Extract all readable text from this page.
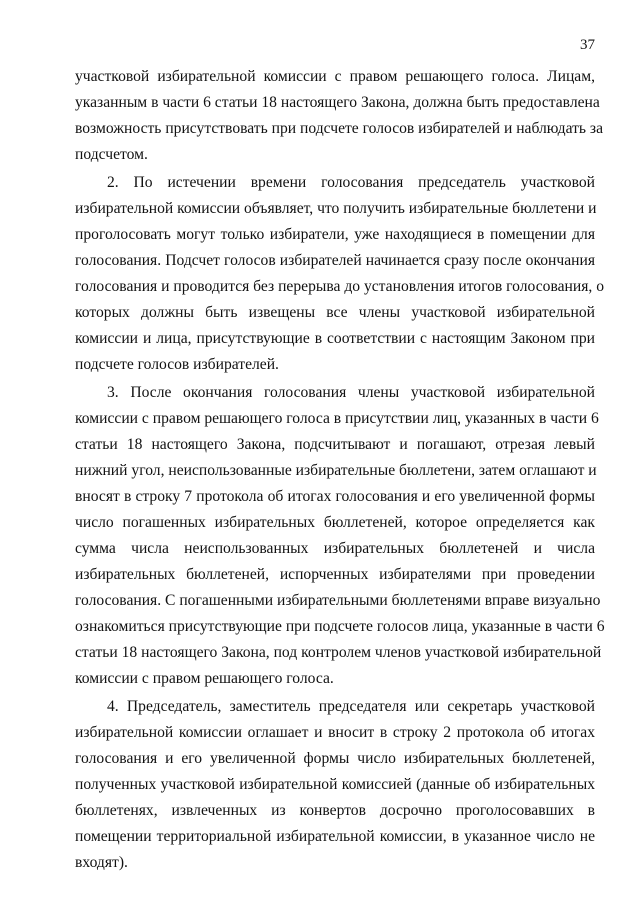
37
участковой избирательной комиссии с правом решающего голоса. Лицам,
указанным в части 6 статьи 18 настоящего Закона, должна быть предоставлена
возможность присутствовать при подсчете голосов избирателей и наблюдать за
подсчетом.
2. По истечении времени голосования председатель участковой
избирательной комиссии объявляет, что получить избирательные бюллетени и
проголосовать могут только избиратели, уже находящиеся в помещении для
голосования. Подсчет голосов избирателей начинается сразу после окончания
голосования и проводится без перерыва до установления итогов голосования, о
которых должны быть извещены все члены участковой избирательной
комиссии и лица, присутствующие в соответствии с настоящим Законом при
подсчете голосов избирателей.
3. После окончания голосования члены участковой избирательной
комиссии с правом решающего голоса в присутствии лиц, указанных в части 6
статьи 18 настоящего Закона, подсчитывают и погашают, отрезая левый
нижний угол, неиспользованные избирательные бюллетени, затем оглашают и
вносят в строку 7 протокола об итогах голосования и его увеличенной формы
число погашенных избирательных бюллетеней, которое определяется как
сумма числа неиспользованных избирательных бюллетеней и числа
избирательных бюллетеней, испорченных избирателями при проведении
голосования. С погашенными избирательными бюллетенями вправе визуально
ознакомиться присутствующие при подсчете голосов лица, указанные в части 6
статьи 18 настоящего Закона, под контролем членов участковой избирательной
комиссии с правом решающего голоса.
4. Председатель, заместитель председателя или секретарь участковой
избирательной комиссии оглашает и вносит в строку 2 протокола об итогах
голосования и его увеличенной формы число избирательных бюллетеней,
полученных участковой избирательной комиссией (данные об избирательных
бюллетенях, извлеченных из конвертов досрочно проголосовавших в
помещении территориальной избирательной комиссии, в указанное число не
входят).
